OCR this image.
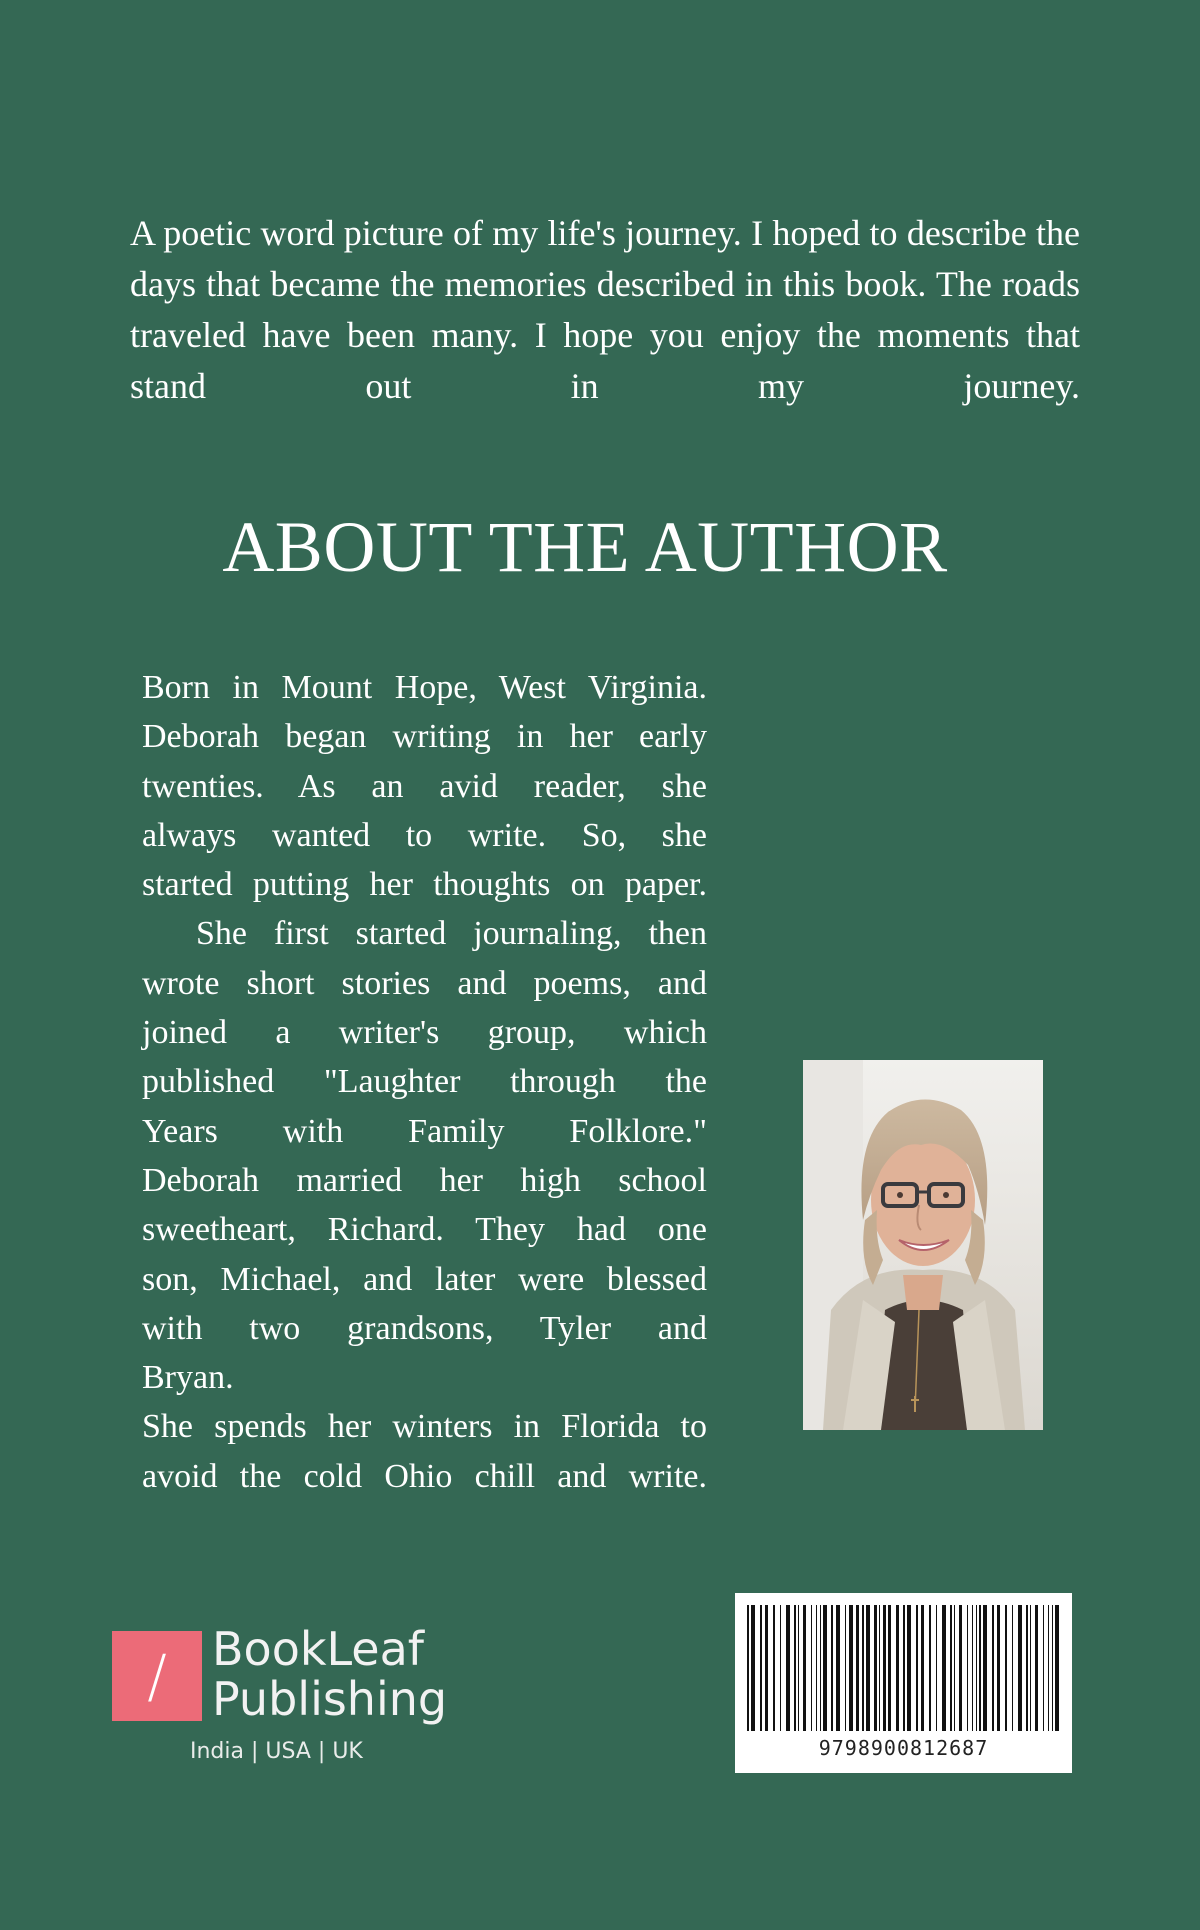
A poetic word picture of my life's journey. I hoped to describe the days that became the memories described in this book. The roads traveled have been many. I hope you enjoy the moments that stand out in my journey.

ABOUT THE AUTHOR
Born in Mount Hope, West Virginia.
Deborah began writing in her early
twenties. As an avid reader, she
always wanted to write. So, she
started putting her thoughts on paper.
She first started journaling, then
wrote short stories and poems, and
joined a writer's group, which
published "Laughter through the
Years with Family Folklore."
Deborah married her high school
sweetheart, Richard. They had one
son, Michael, and later were blessed
with two grandsons, Tyler and
Bryan.
She spends her winters in Florida to
avoid the cold Ohio chill and write.
/ BookLeaf
Publishing
India | USA | UK	9798900812687
